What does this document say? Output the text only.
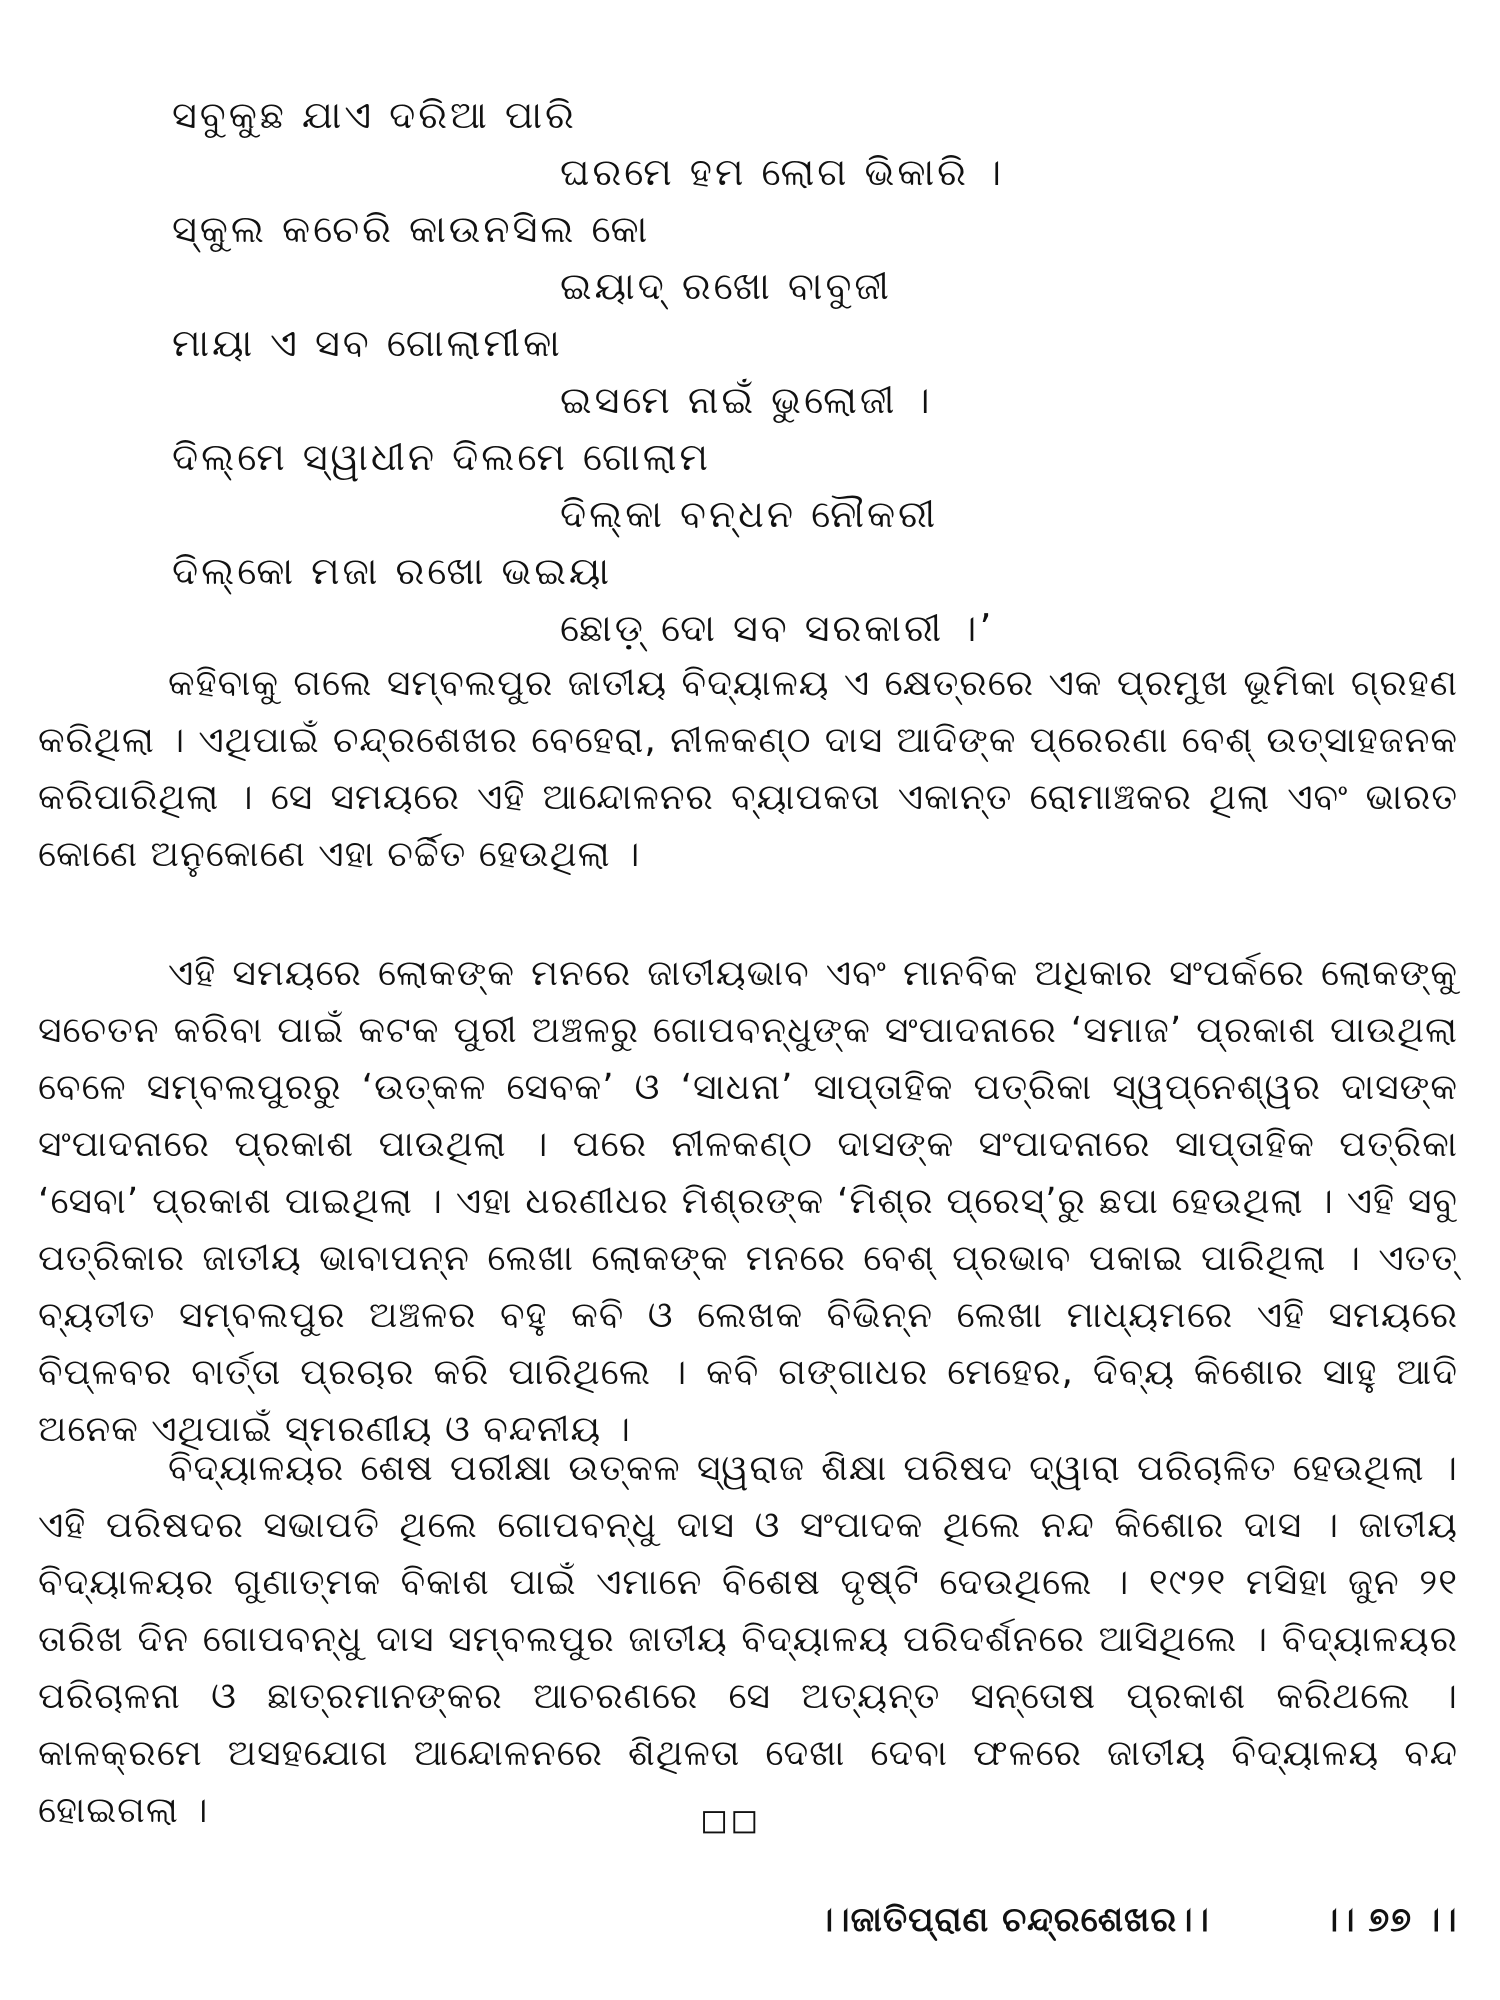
ସବୁକୁଛ ଯାଏ ଦରିଆ ପାରି
ଘରମେ ହମ ଲୋଗ ଭିକାରି ।
ସ୍କୁଲ କଚେରି କାଉନସିଲ କୋ
ଇୟାଦ୍ ରଖୋ ବାବୁଜୀ
ମାୟା ଏ ସବ ଗୋଲାମୀକା
ଇସମେ ନାଇଁ ଭୁଲୋଜୀ ।
ଦିଲ୍‌ମେ ସ୍ୱାଧୀନ ଦିଲମେ ଗୋଲାମ
ଦିଲ୍‌କା ବନ୍ଧନ ନୌକରୀ
ଦିଲ୍‌କୋ ମଜା ରଖୋ ଭଇୟା
ଛୋଡ଼୍ ଦୋ ସବ ସରକାରୀ ।’

କହିବାକୁ ଗଲେ ସମ୍ବଲପୁର ଜାତୀୟ ବିଦ୍ୟାଳୟ ଏ କ୍ଷେତ୍ରରେ ଏକ ପ୍ରମୁଖ ଭୂମିକା ଗ୍ରହଣ କରିଥିଲା । ଏଥିପାଇଁ ଚନ୍ଦ୍ରଶେଖର ବେହେରା, ନୀଳକଣ୍ଠ ଦାସ ଆଦିଙ୍କ ପ୍ରେରଣା ବେଶ୍ ଉତ୍ସାହଜନକ କରିପାରିଥିଲା । ସେ ସମୟରେ ଏହି ଆନ୍ଦୋଳନର ବ୍ୟାପକତା ଏକାନ୍ତ ରୋମାଞ୍ଚକର ଥିଲା ଏବଂ ଭାରତ କୋଣେ ଅନୁକୋଣେ ଏହା ଚର୍ଚ୍ଚିତ ହେଉଥିଲା ।

ଏହି ସମୟରେ ଲୋକଙ୍କ ମନରେ ଜାତୀୟଭାବ ଏବଂ ମାନବିକ ଅଧିକାର ସଂପର୍କରେ ଲୋକଙ୍କୁ ସଚେତନ କରିବା ପାଇଁ କଟକ ପୁରୀ ଅଞ୍ଚଳରୁ ଗୋପବନ୍ଧୁଙ୍କ ସଂପାଦନାରେ ‘ସମାଜ’ ପ୍ରକାଶ ପାଉଥିଲା ବେଳେ ସମ୍ବଲପୁରରୁ ‘ଉତ୍କଳ ସେବକ’ ଓ ‘ସାଧନା’ ସାପ୍ତାହିକ ପତ୍ରିକା ସ୍ୱପ୍ନେଶ୍ୱର ଦାସଙ୍କ ସଂପାଦନାରେ ପ୍ରକାଶ ପାଉଥିଲା । ପରେ ନୀଳକଣ୍ଠ ଦାସଙ୍କ ସଂପାଦନାରେ ସାପ୍ତାହିକ ପତ୍ରିକା ‘ସେବା’ ପ୍ରକାଶ ପାଇଥିଲା । ଏହା ଧରଣୀଧର ମିଶ୍ରଙ୍କ ‘ମିଶ୍ର ପ୍ରେସ୍’ରୁ ଛପା ହେଉଥିଲା । ଏହି ସବୁ ପତ୍ରିକାର ଜାତୀୟ ଭାବାପନ୍ନ ଲେଖା ଲୋକଙ୍କ ମନରେ ବେଶ୍ ପ୍ରଭାବ ପକାଇ ପାରିଥିଲା । ଏତତ୍ ବ୍ୟତୀତ ସମ୍ବଲପୁର ଅଞ୍ଚଳର ବହୁ କବି ଓ ଲେଖକ ବିଭିନ୍ନ ଲେଖା ମାଧ୍ୟମରେ ଏହି ସମୟରେ ବିପ୍ଳବର ବାର୍ତ୍ତା ପ୍ରଚାର କରି ପାରିଥିଲେ । କବି ଗଙ୍ଗାଧର ମେହେର, ଦିବ୍ୟ କିଶୋର ସାହୁ ଆଦି ଅନେକ ଏଥିପାଇଁ ସ୍ମରଣୀୟ ଓ ବନ୍ଦନୀୟ ।

ବିଦ୍ୟାଳୟର ଶେଷ ପରୀକ୍ଷା ଉତ୍କଳ ସ୍ୱରାଜ ଶିକ୍ଷା ପରିଷଦ ଦ୍ୱାରା ପରିଚାଳିତ ହେଉଥିଲା । ଏହି ପରିଷଦର ସଭାପତି ଥିଲେ ଗୋପବନ୍ଧୁ ଦାସ ଓ ସଂପାଦକ ଥିଲେ ନନ୍ଦ କିଶୋର ଦାସ । ଜାତୀୟ ବିଦ୍ୟାଳୟର ଗୁଣାତ୍ମକ ବିକାଶ ପାଇଁ ଏମାନେ ବିଶେଷ ଦୃଷ୍ଟି ଦେଉଥିଲେ । ୧୯୨୧ ମସିହା ଜୁନ ୨୧ ତାରିଖ ଦିନ ଗୋପବନ୍ଧୁ ଦାସ ସମ୍ବଲପୁର ଜାତୀୟ ବିଦ୍ୟାଳୟ ପରିଦର୍ଶନରେ ଆସିଥିଲେ । ବିଦ୍ୟାଳୟର ପରିଚାଳନା ଓ ଛାତ୍ରମାନଙ୍କର ଆଚରଣରେ ସେ ଅତ୍ୟନ୍ତ ସନ୍ତୋଷ ପ୍ରକାଶ କରିଥଲେ । କାଳକ୍ରମେ ଅସହଯୋଗ ଆନ୍ଦୋଳନରେ ଶିଥିଳତା ଦେଖା ଦେବା ଫଳରେ ଜାତୀୟ ବିଦ୍ୟାଳୟ ବନ୍ଦ ହୋଇଗଲା ।	◻◻
।।ଜାତିପ୍ରାଣ ଚନ୍ଦ୍ରଶେଖର।।	।। ୭୭ ।।
